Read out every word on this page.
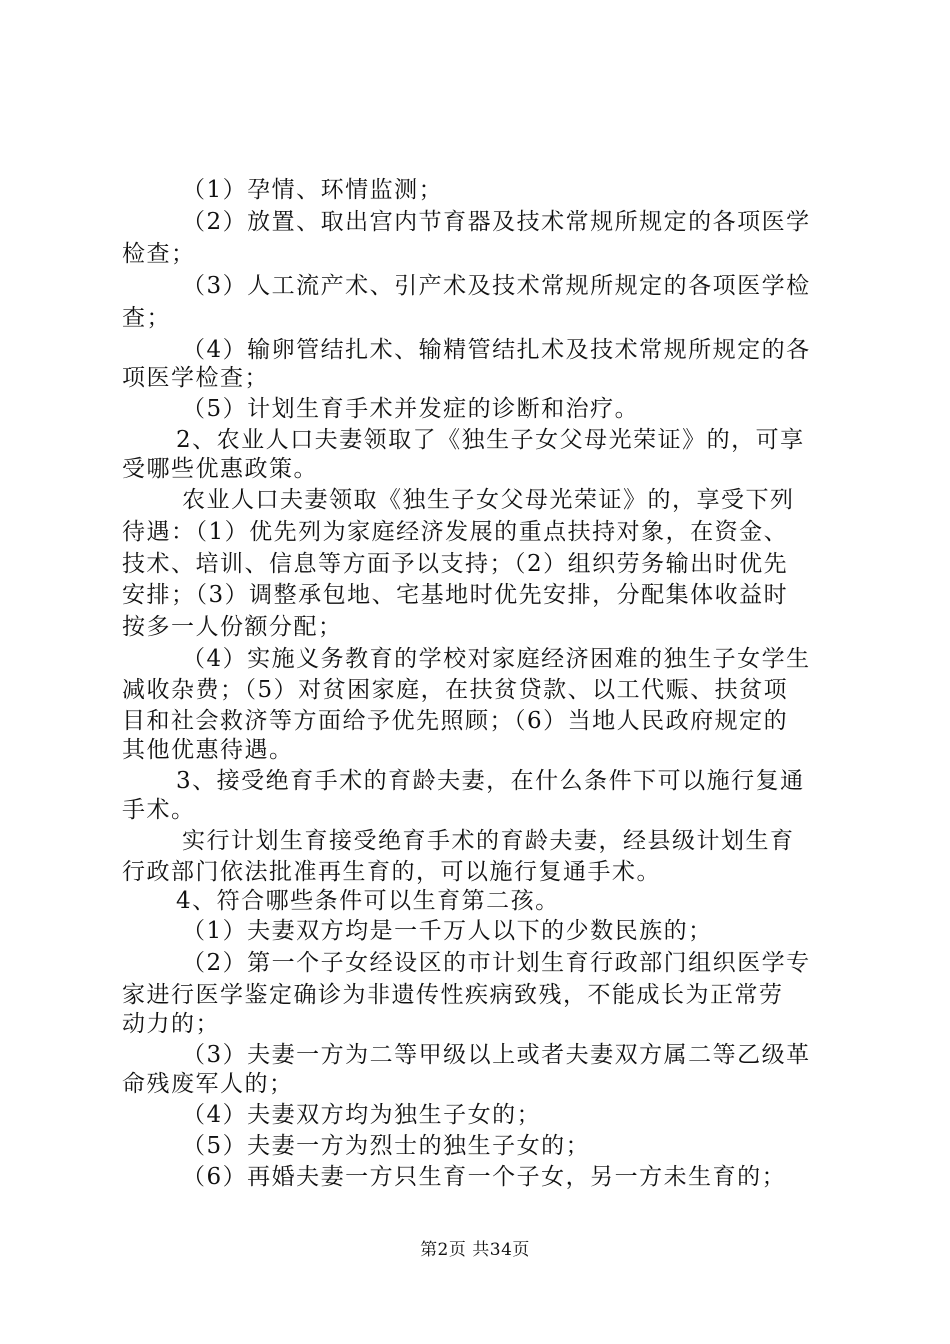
（1）孕情、环情监测；
（2）放置、取出宫内节育器及技术常规所规定的各项医学
检查；
（3）人工流产术、引产术及技术常规所规定的各项医学检
查；
（4）输卵管结扎术、输精管结扎术及技术常规所规定的各
项医学检查；
（5）计划生育手术并发症的诊断和治疗。
2、农业人口夫妻领取了《独生子女父母光荣证》的，可享
受哪些优惠政策。
农业人口夫妻领取《独生子女父母光荣证》的，享受下列
待遇：（1）优先列为家庭经济发展的重点扶持对象，在资金、
技术、培训、信息等方面予以支持；（2）组织劳务输出时优先
安排；（3）调整承包地、宅基地时优先安排，分配集体收益时
按多一人份额分配；
（4）实施义务教育的学校对家庭经济困难的独生子女学生
减收杂费；（5）对贫困家庭，在扶贫贷款、以工代赈、扶贫项
目和社会救济等方面给予优先照顾；（6）当地人民政府规定的
其他优惠待遇。
3、接受绝育手术的育龄夫妻，在什么条件下可以施行复通
手术。
实行计划生育接受绝育手术的育龄夫妻，经县级计划生育
行政部门依法批准再生育的，可以施行复通手术。
4、符合哪些条件可以生育第二孩。
（1）夫妻双方均是一千万人以下的少数民族的；
（2）第一个子女经设区的市计划生育行政部门组织医学专
家进行医学鉴定确诊为非遗传性疾病致残，不能成长为正常劳
动力的；
（3）夫妻一方为二等甲级以上或者夫妻双方属二等乙级革
命残废军人的；
（4）夫妻双方均为独生子女的；
（5）夫妻一方为烈士的独生子女的；
（6）再婚夫妻一方只生育一个子女，另一方未生育的；
第2页 共34页
